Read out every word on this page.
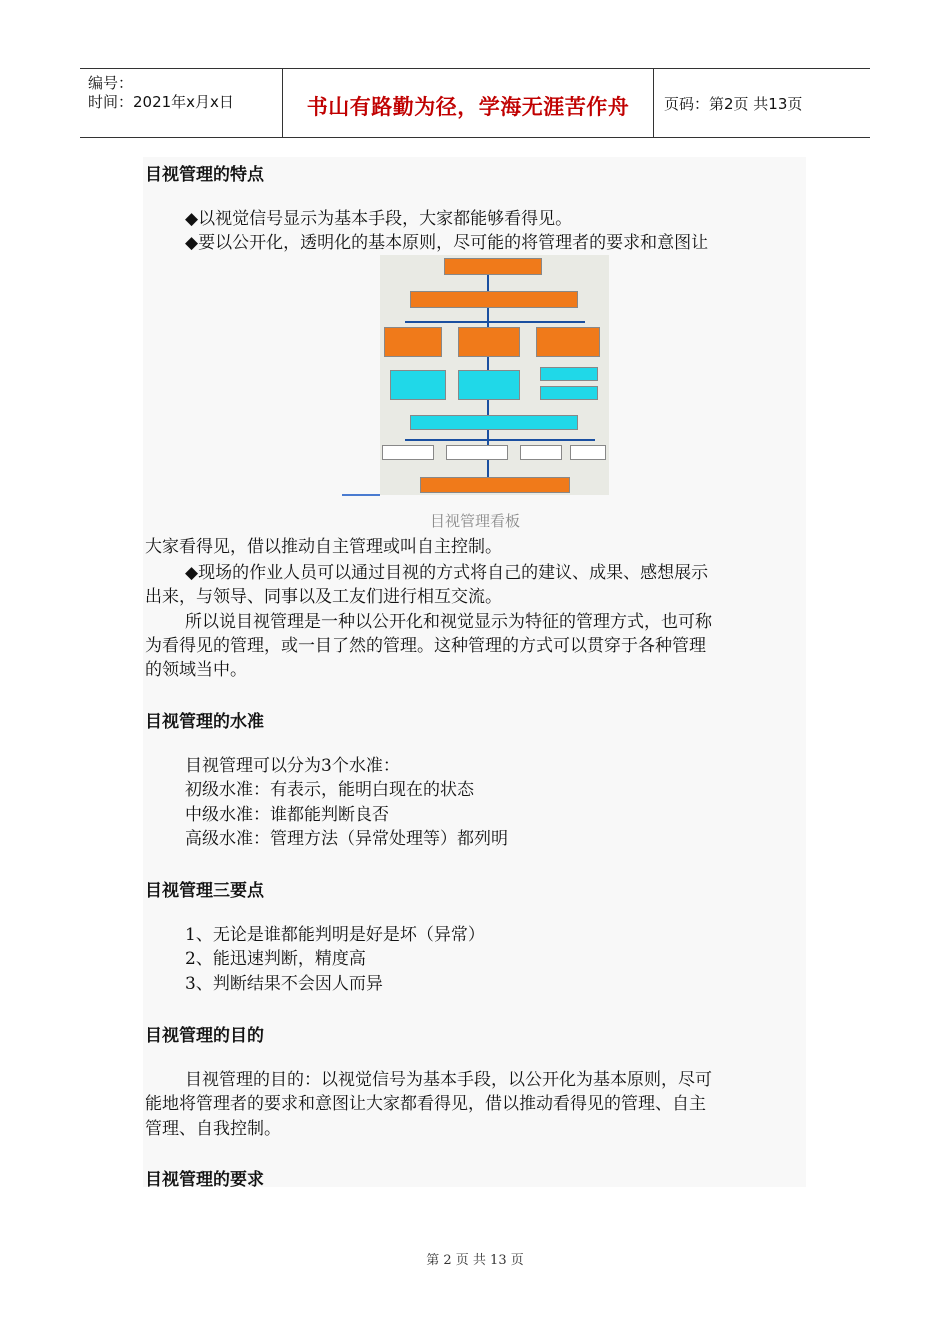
编号：
时间：2021年x月x日	书山有路勤为径，学海无涯苦作舟	页码：第2页 共13页
目视管理的特点
◆以视觉信号显示为基本手段，大家都能够看得见。
◆要以公开化，透明化的基本原则，尽可能的将管理者的要求和意图让
目视管理看板
大家看得见，借以推动自主管理或叫自主控制。
◆现场的作业人员可以通过目视的方式将自己的建议、成果、感想展示
出来，与领导、同事以及工友们进行相互交流。
所以说目视管理是一种以公开化和视觉显示为特征的管理方式，也可称
为看得见的管理，或一目了然的管理。这种管理的方式可以贯穿于各种管理
的领域当中。
目视管理的水准
目视管理可以分为3个水准：
初级水准：有表示，能明白现在的状态
中级水准：谁都能判断良否
高级水准：管理方法（异常处理等）都列明
目视管理三要点
1、无论是谁都能判明是好是坏（异常）
2、能迅速判断，精度高
3、判断结果不会因人而异
目视管理的目的
目视管理的目的：以视觉信号为基本手段，以公开化为基本原则，尽可
能地将管理者的要求和意图让大家都看得见，借以推动看得见的管理、自主
管理、自我控制。
目视管理的要求
第 2 页 共 13 页
